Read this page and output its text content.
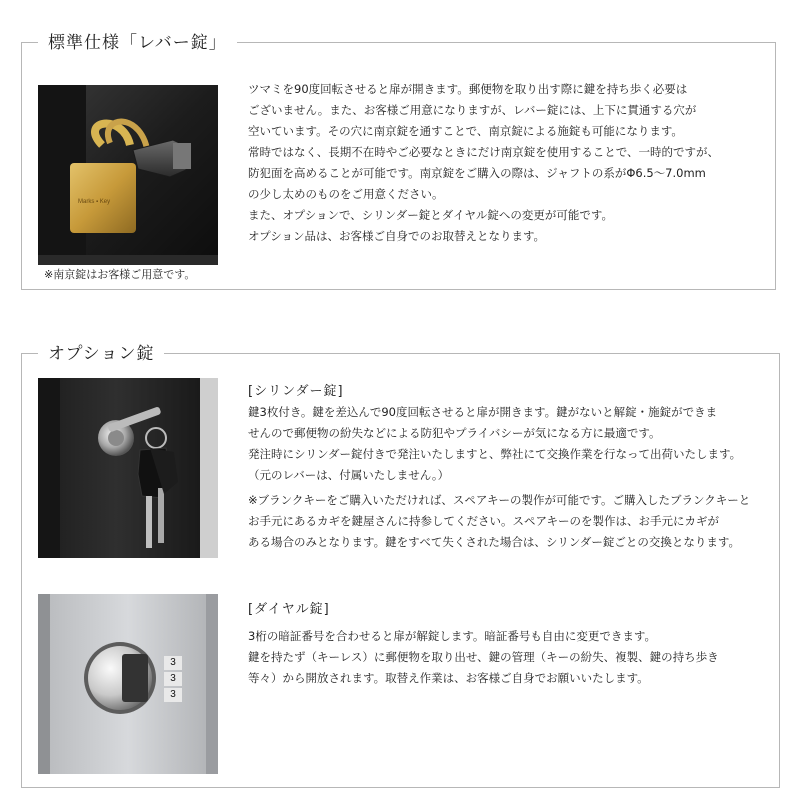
標準仕様「レバー錠」
Marks ▪ Key
※南京錠はお客様ご用意です。
ツマミを90度回転させると扉が開きます。郵便物を取り出す際に鍵を持ち歩く必要は
ございません。また、お客様ご用意になりますが、レバー錠には、上下に貫通する穴が
空いています。その穴に南京錠を通すことで、南京錠による施錠も可能になります。
常時ではなく、長期不在時やご必要なときにだけ南京錠を使用することで、一時的ですが、
防犯面を高めることが可能です。南京錠をご購入の際は、ジャフトの系がΦ6.5～7.0mm
の少し太めのものをご用意ください。
また、オプションで、シリンダー錠とダイヤル錠への変更が可能です。
オプション品は、お客様ご自身でのお取替えとなります。
オプション錠
[シリンダー錠]
鍵3枚付き。鍵を差込んで90度回転させると扉が開きます。鍵がないと解錠・施錠ができま
せんので郵便物の紛失などによる防犯やプライバシーが気になる方に最適です。
発注時にシリンダー錠付きで発注いたしますと、弊社にて交換作業を行なって出荷いたします。
（元のレバーは、付属いたしません。）
※ブランクキーをご購入いただければ、スペアキーの製作が可能です。ご購入したブランクキーと
お手元にあるカギを鍵屋さんに持参してください。スペアキーのを製作は、お手元にカギが
ある場合のみとなります。鍵をすべて失くされた場合は、シリンダー錠ごとの交換となります。
3
3
3
[ダイヤル錠]
3桁の暗証番号を合わせると扉が解錠します。暗証番号も自由に変更できます。
鍵を持たず（キーレス）に郵便物を取り出せ、鍵の管理（キーの紛失、複製、鍵の持ち歩き
等々）から開放されます。取替え作業は、お客様ご自身でお願いいたします。
